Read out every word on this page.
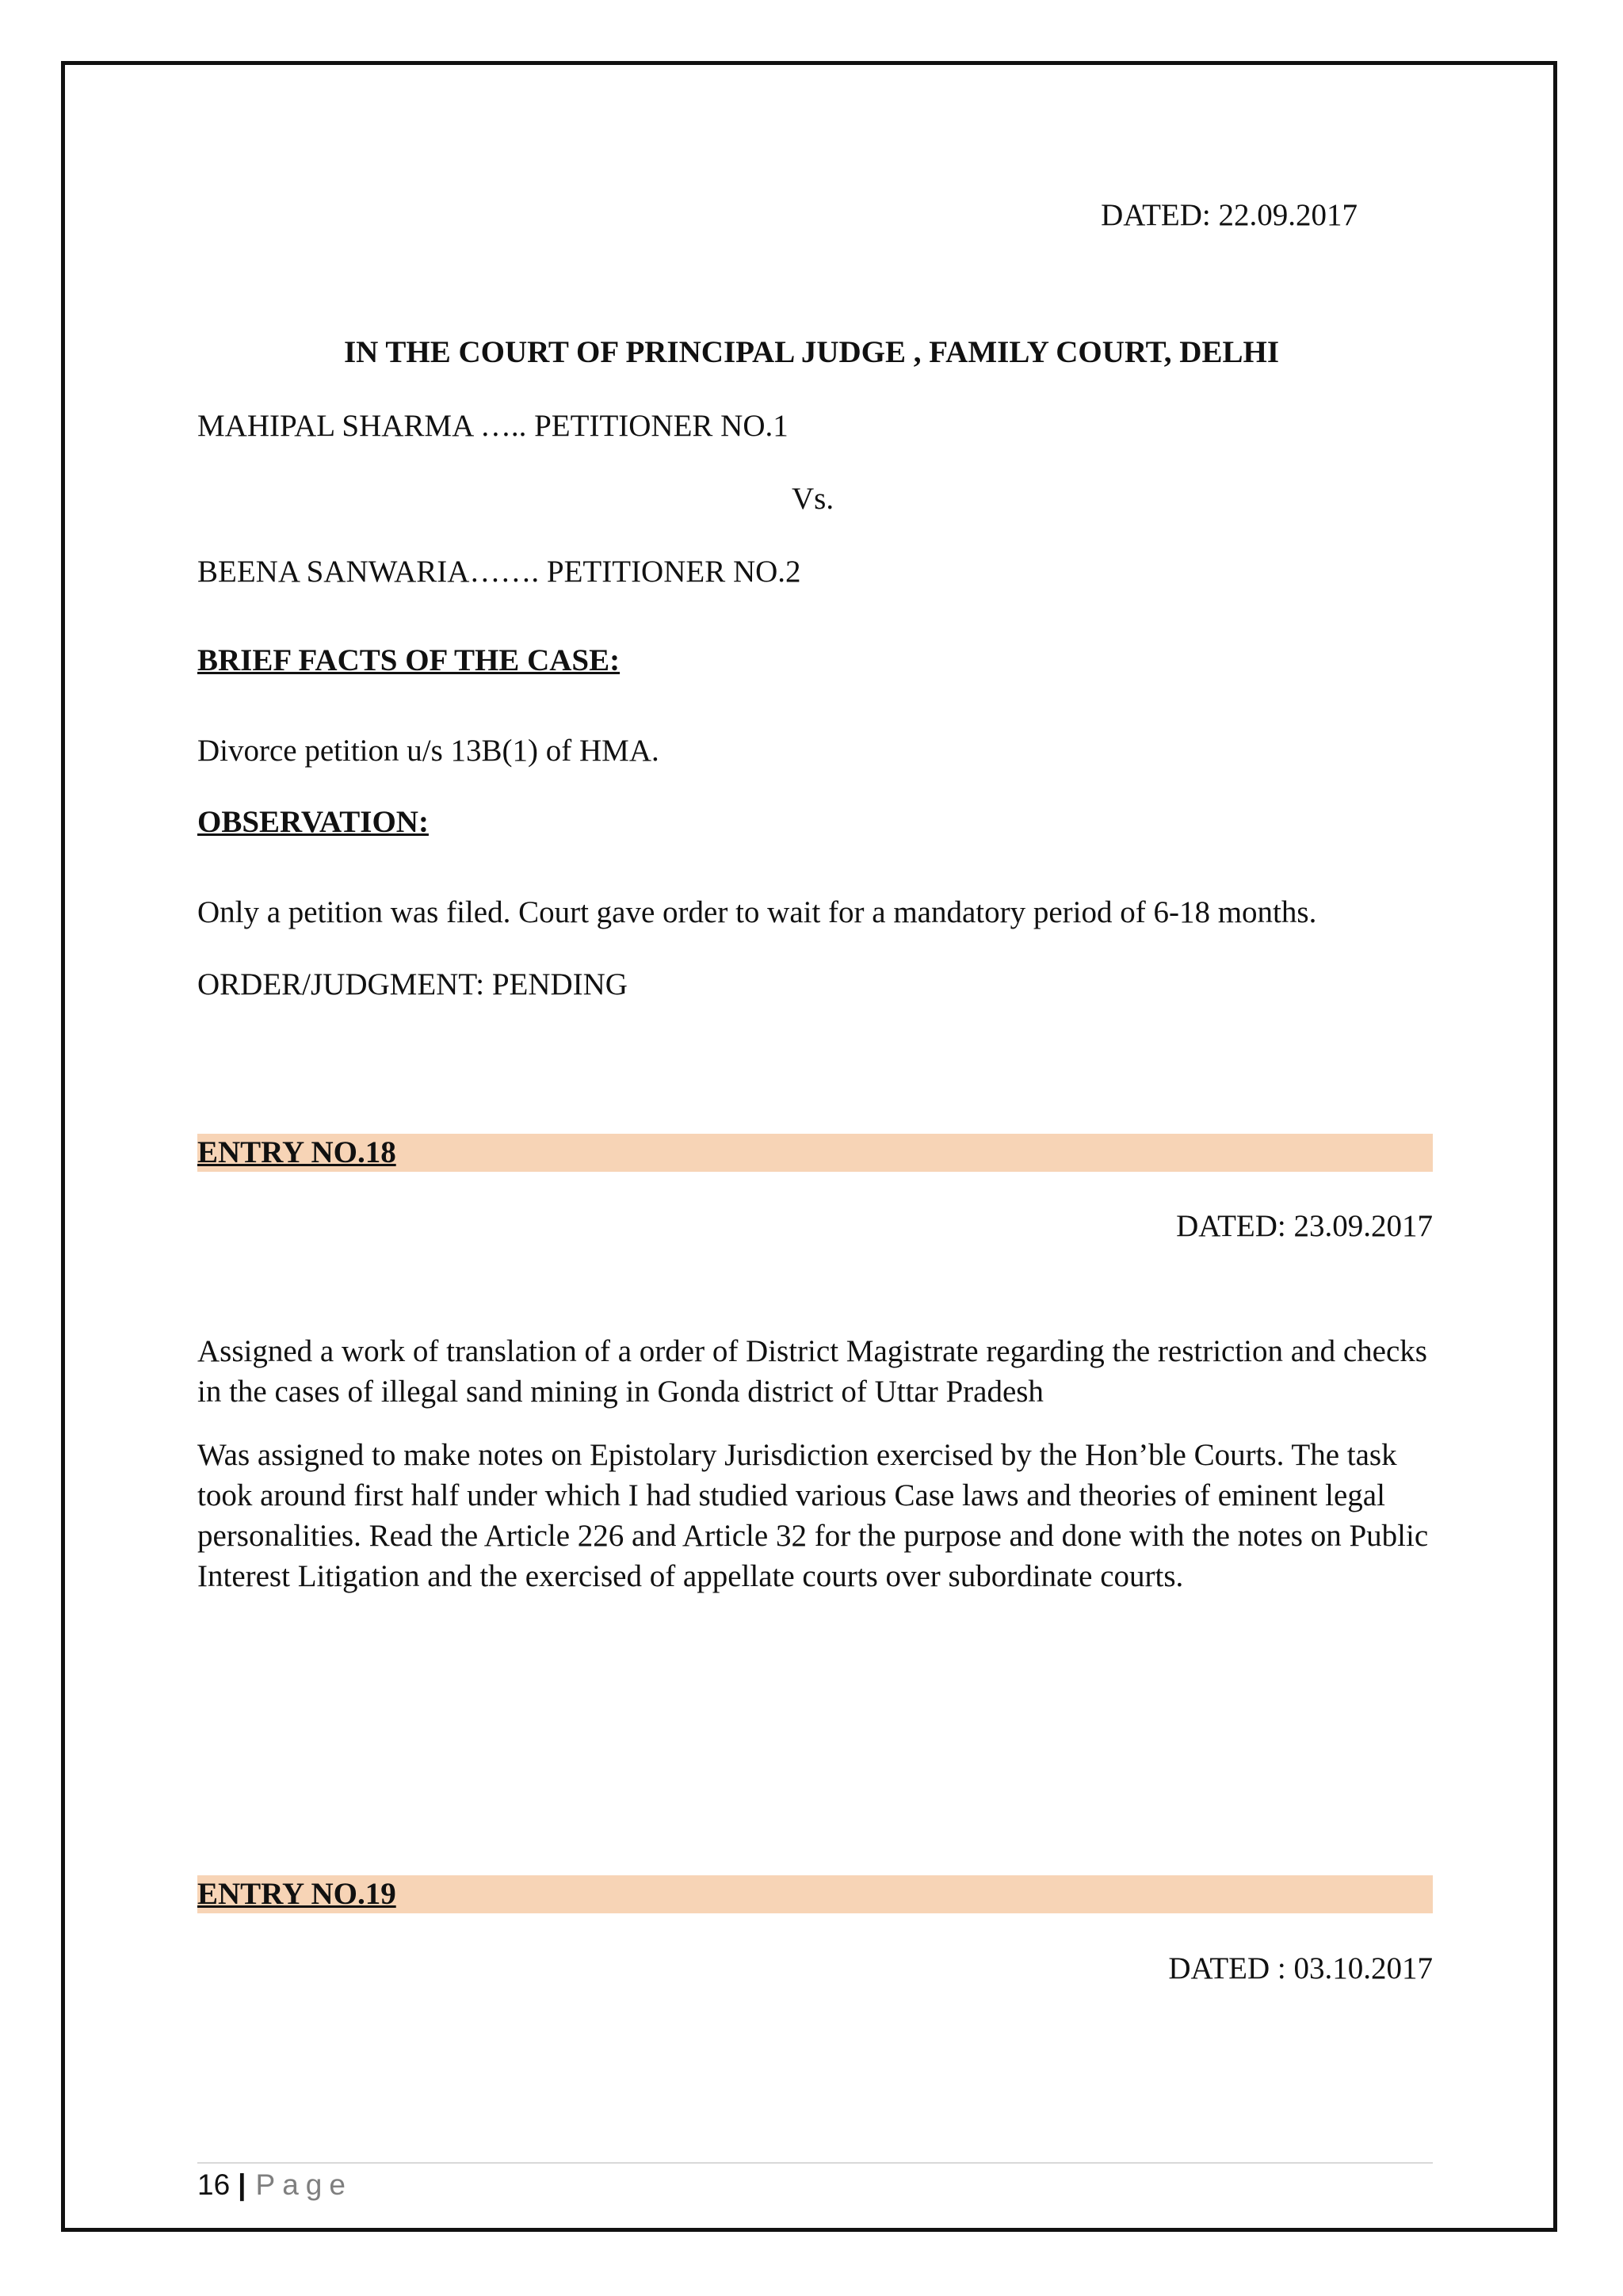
DATED: 22.09.2017
IN THE COURT OF PRINCIPAL JUDGE , FAMILY COURT, DELHI
MAHIPAL SHARMA ….. PETITIONER NO.1
Vs.
BEENA SANWARIA……. PETITIONER NO.2
BRIEF FACTS OF THE CASE:
Divorce petition u/s 13B(1) of HMA.
OBSERVATION:
Only a petition was filed. Court gave order to wait for a mandatory period of 6-18 months.
ORDER/JUDGMENT: PENDING
ENTRY NO.18
DATED: 23.09.2017
Assigned a work of translation of a order of District Magistrate regarding the restriction and checks in the cases of illegal sand mining in Gonda district of Uttar Pradesh
Was assigned to make notes on Epistolary Jurisdiction exercised by the Hon’ble Courts. The task took around first half under which I had studied various Case laws and theories of eminent legal personalities. Read the Article 226 and Article 32 for the purpose and done with the notes on Public Interest Litigation and the exercised of appellate courts over subordinate courts.
ENTRY NO.19
DATED : 03.10.2017
16 | Page
